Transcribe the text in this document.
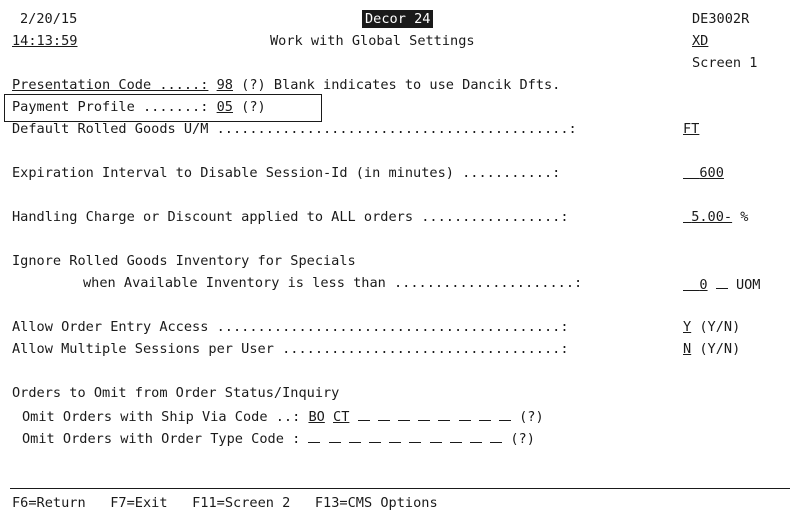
2/20/15	Decor 24	DE3002R
14:13:59	Work with Global Settings	XD
Screen 1
Presentation Code .....: 98 (?) Blank indicates to use Dancik Dfts.
Payment Profile .......: 05 (?)
Default Rolled Goods U/M ...........................................:	FT
Expiration Interval to Disable Session-Id (in minutes) ...........:	600
Handling Charge or Discount applied to ALL orders .................:	5.00- %
Ignore Rolled Goods Inventory for Specials
when Available Inventory is less than ......................:	0 UOM
Allow Order Entry Access ..........................................:	Y (Y/N)
Allow Multiple Sessions per User ..................................:	N (Y/N)
Orders to Omit from Order Status/Inquiry
Omit Orders with Ship Via Code ..: BO CT	(?)
Omit Orders with Order Type Code :	(?)
F6=Return F7=Exit F11=Screen 2 F13=CMS Options
